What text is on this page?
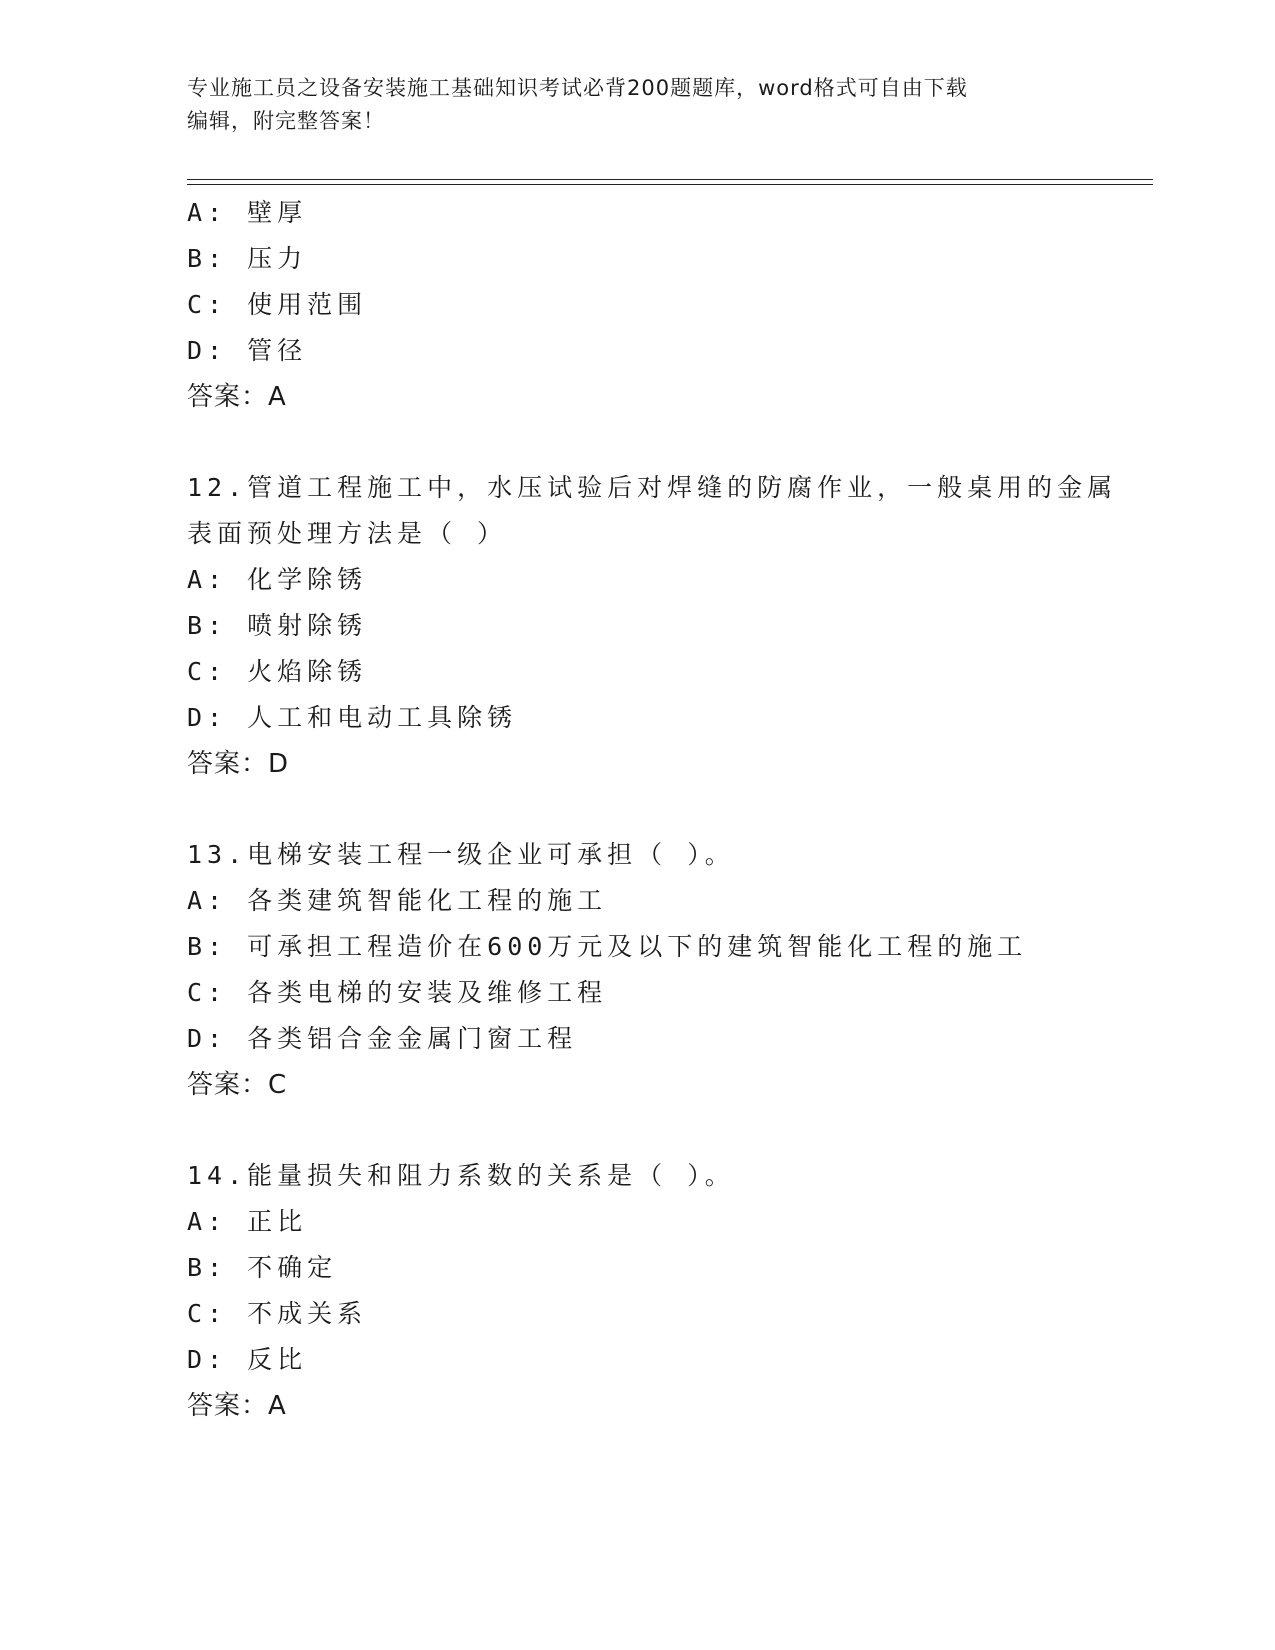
专业施工员之设备安装施工基础知识考试必背200题题库，word格式可自由下载
编辑，附完整答案！
A: 壁厚
B: 压力
C: 使用范围
D: 管径
答案：A
12.管道工程施工中，水压试验后对焊缝的防腐作业，一般桌用的金属
表面预处理方法是（ ）
A: 化学除锈
B: 喷射除锈
C: 火焰除锈
D: 人工和电动工具除锈
答案：D
13.电梯安装工程一级企业可承担（ ）。
A: 各类建筑智能化工程的施工
B: 可承担工程造价在600万元及以下的建筑智能化工程的施工
C: 各类电梯的安装及维修工程
D: 各类铝合金金属门窗工程
答案：C
14.能量损失和阻力系数的关系是（ ）。
A: 正比
B: 不确定
C: 不成关系
D: 反比
答案：A
